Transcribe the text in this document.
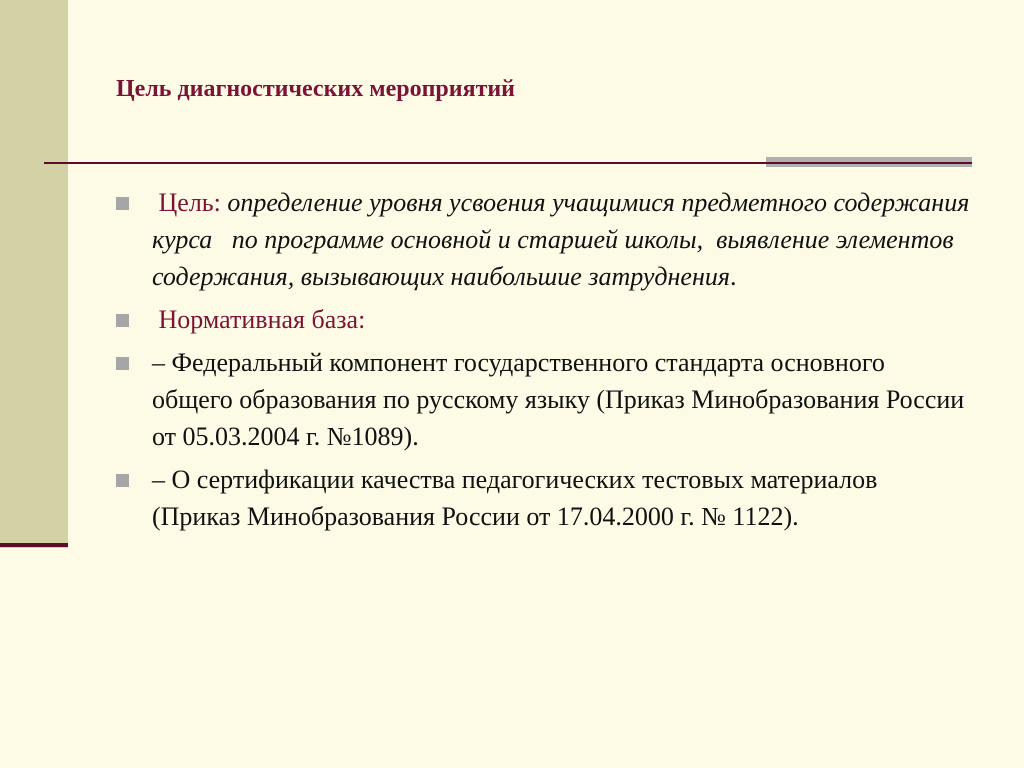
Цель диагностических мероприятий
Цель: определение уровня усвоения учащимися предметного содержания курса   по программе основной и старшей школы,  выявление элементов содержания, вызывающих наибольшие затруднения.
Нормативная база:
– Федеральный компонент государственного стандарта основного общего образования по русскому языку (Приказ Минобразования России от 05.03.2004 г. №1089).
– О сертификации качества педагогических тестовых материалов (Приказ Минобразования России от 17.04.2000 г. № 1122).
